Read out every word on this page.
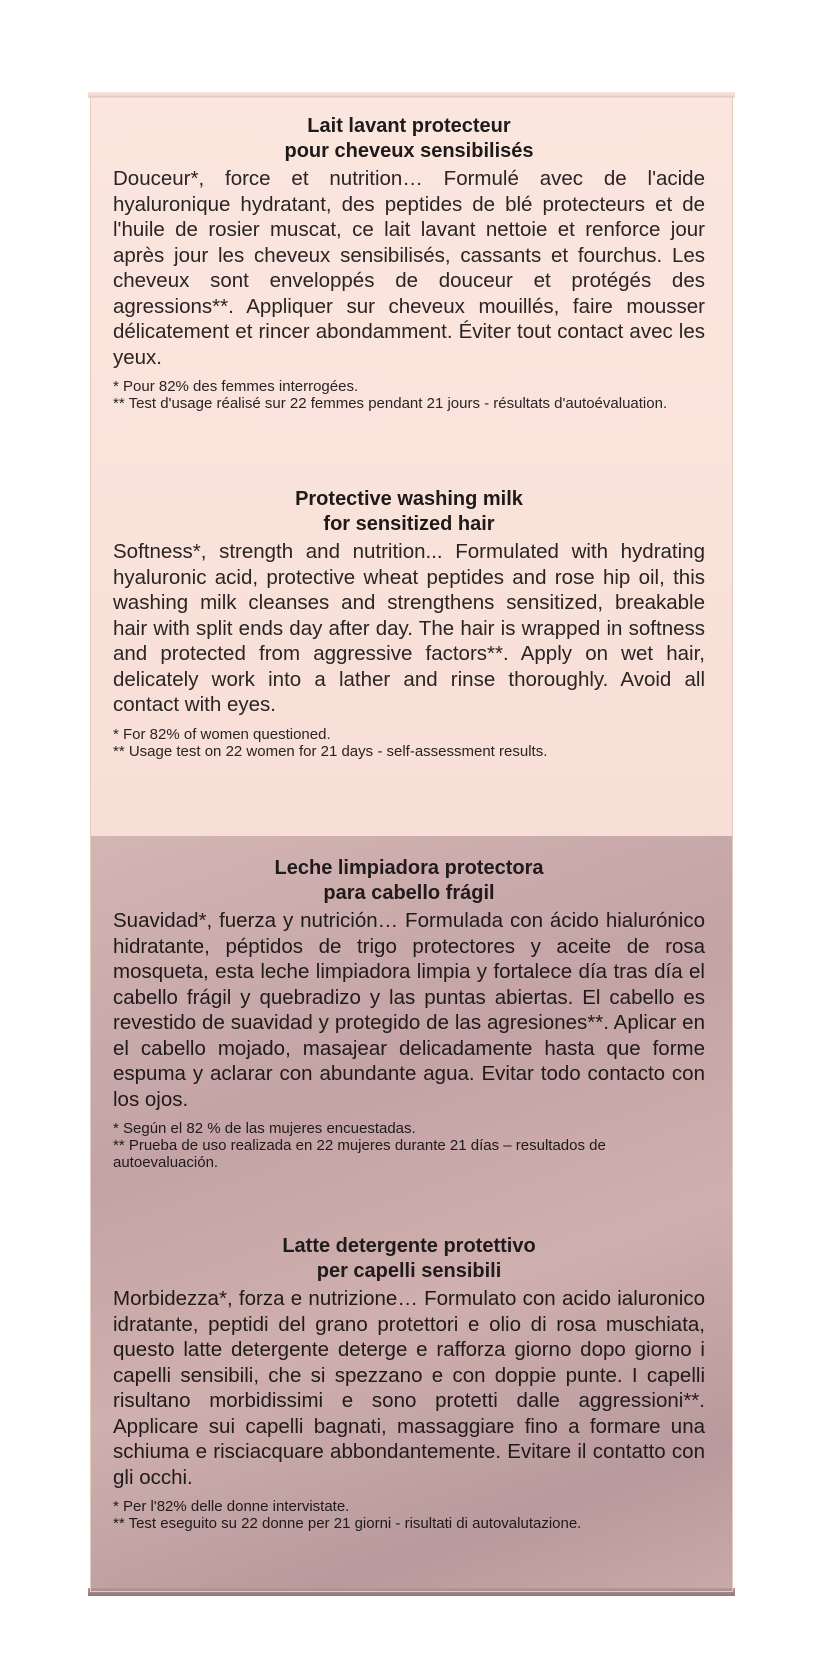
Lait lavant protecteur
pour cheveux sensibilisés

Douceur*, force et nutrition… Formulé avec de l'acide hyaluronique hydratant, des peptides de blé protecteurs et de l'huile de rosier muscat, ce lait lavant nettoie et renforce jour après jour les cheveux sensibilisés, cassants et fourchus. Les cheveux sont enveloppés de douceur et protégés des agressions**. Appliquer sur cheveux mouillés, faire mousser délicatement et rincer abondamment. Éviter tout contact avec les yeux.

* Pour 82% des femmes interrogées.

** Test d'usage réalisé sur 22 femmes pendant 21 jours - résultats d'autoévaluation.

Protective washing milk
for sensitized hair

Softness*, strength and nutrition... Formulated with hydrating hyaluronic acid, protective wheat peptides and rose hip oil, this washing milk cleanses and strengthens sensitized, breakable hair with split ends day after day. The hair is wrapped in softness and protected from aggressive factors**. Apply on wet hair, delicately work into a lather and rinse thoroughly. Avoid all contact with eyes.

* For 82% of women questioned.

** Usage test on 22 women for 21 days - self-assessment results.

Leche limpiadora protectora
para cabello frágil

Suavidad*, fuerza y nutrición… Formulada con ácido hialurónico hidratante, péptidos de trigo protectores y aceite de rosa mosqueta, esta leche limpiadora limpia y fortalece día tras día el cabello frágil y quebradizo y las puntas abiertas. El cabello es revestido de suavidad y protegido de las agresiones**. Aplicar en el cabello mojado, masajear delicadamente hasta que forme espuma y aclarar con abundante agua. Evitar todo contacto con los ojos.

* Según el 82 % de las mujeres encuestadas.

** Prueba de uso realizada en 22 mujeres durante 21 días – resultados de autoevaluación.

Latte detergente protettivo
per capelli sensibili

Morbidezza*, forza e nutrizione… Formulato con acido ialuronico idratante, peptidi del grano protettori e olio di rosa muschiata, questo latte detergente deterge e rafforza giorno dopo giorno i capelli sensibili, che si spezzano e con doppie punte. I capelli risultano morbidissimi e sono protetti dalle aggressioni**. Applicare sui capelli bagnati, massaggiare fino a formare una schiuma e risciacquare abbondantemente. Evitare il contatto con gli occhi.

* Per l'82% delle donne intervistate.

** Test eseguito su 22 donne per 21 giorni - risultati di autovalutazione.
